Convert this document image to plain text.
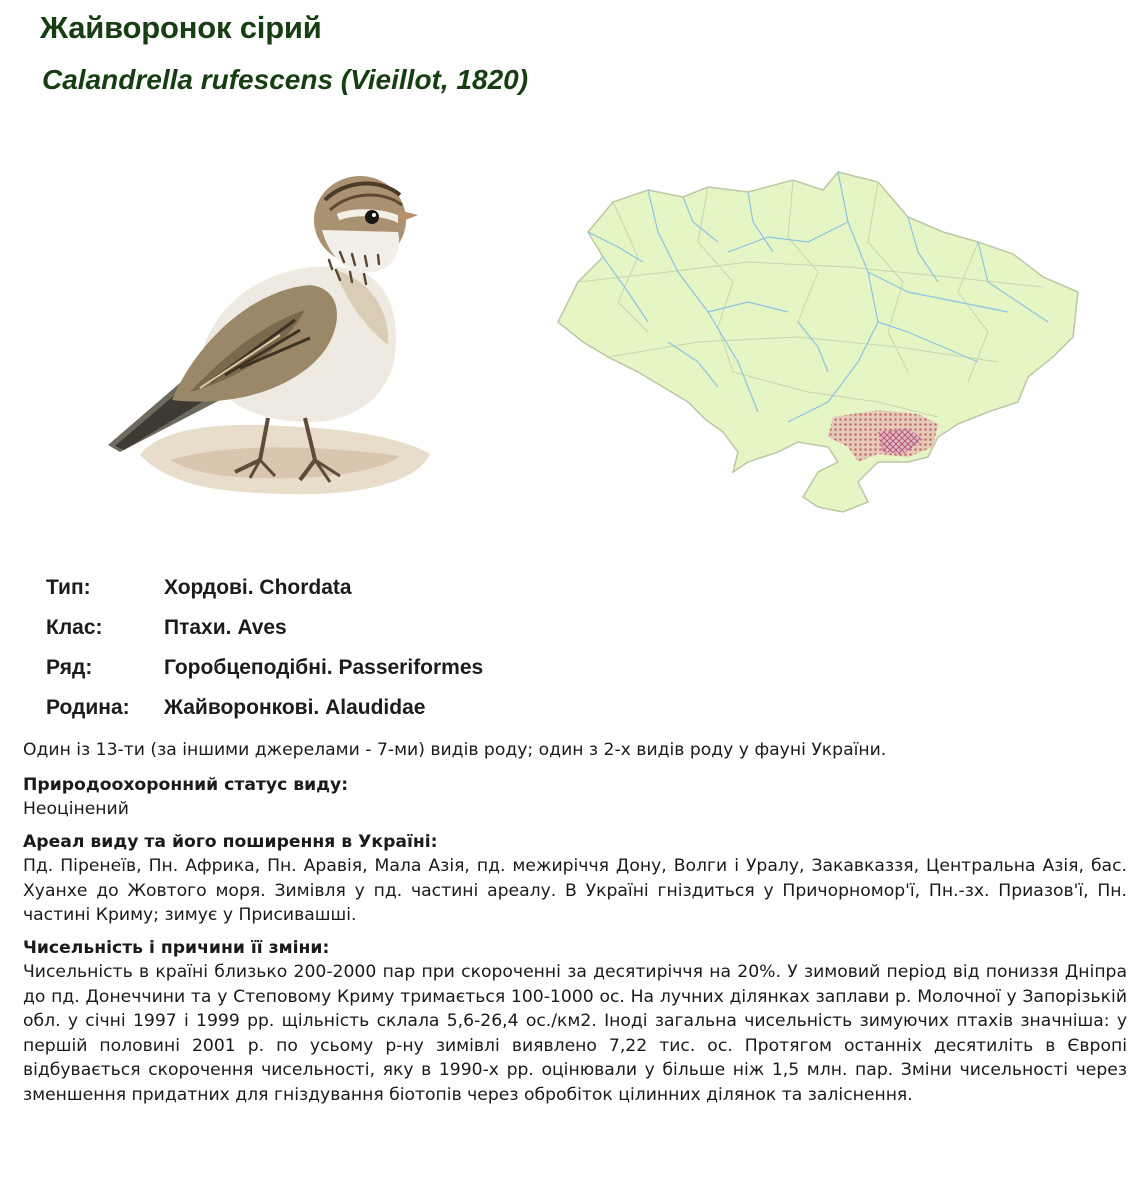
Жайворонок сірий
Calandrella rufescens (Vieillot, 1820)
Тип:	Хордові. Chordata
Клас:	Птахи. Aves
Ряд:	Горобцеподібні. Passeriformes
Родина:	Жайворонкові. Alaudidae

Один із 13-ти (за іншими джерелами - 7-ми) видів роду; один з 2-х видів роду у фауні України.

Природоохоронний статус виду:

Неоцінений

Ареал виду та його поширення в Україні:

Пд. Піренеїв, Пн. Африка, Пн. Аравія, Мала Азія, пд. межиріччя Дону, Волги і Уралу, Закавказзя, Центральна Азія, бас. Хуанхе до Жовтого моря. Зимівля у пд. частині ареалу. В Україні гніздиться у Причорномор'ї, Пн.-зх. Приазов'ї, Пн. частині Криму; зимує у Присивашші.

Чисельність і причини її зміни:

Чисельність в країні близько 200-2000 пар при скороченні за десятиріччя на 20%. У зимовий період від пониззя Дніпра до пд. Донеччини та у Степовому Криму тримається 100-1000 ос. На лучних ділянках заплави р. Молочної у Запорізькій обл. у січні 1997 і 1999 рр. щільність склала 5,6-26,4 ос./км2. Іноді загальна чисельність зимуючих птахів значніша: у першій половині 2001 р. по усьому р-ну зимівлі виявлено 7,22 тис. ос. Протягом останніх десятиліть в Європі відбувається скорочення чисельності, яку в 1990-х рр. оцінювали у більше ніж 1,5 млн. пар. Зміни чисельності через зменшення придатних для гніздування біотопів через обробіток цілинних ділянок та заліснення.
